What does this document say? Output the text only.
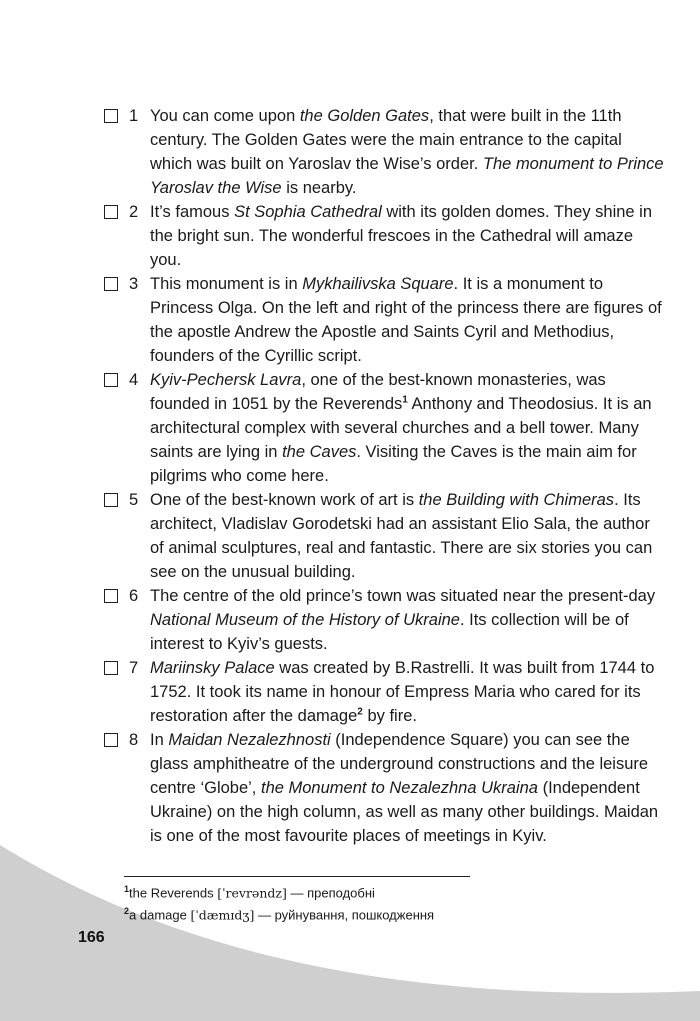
1 You can come upon the Golden Gates, that were built in the 11th century. The Golden Gates were the main entrance to the capital which was built on Yaroslav the Wise’s order. The monument to Prince Yaroslav the Wise is nearby.
2 It’s famous St Sophia Cathedral with its golden domes. They shine in the bright sun. The wonderful frescoes in the Cathedral will amaze you.
3 This monument is in Mykhailivska Square. It is a monument to Princess Olga. On the left and right of the princess there are figures of the apostle Andrew the Apostle and Saints Cyril and Methodius, founders of the Cyrillic script.
4 Kyiv-Pechersk Lavra, one of the best-known monasteries, was founded in 1051 by the Reverends$^1$ Anthony and Theodosius. It is an architectural complex with several churches and a bell tower. Many saints are lying in the Caves. Visiting the Caves is the main aim for pilgrims who come here.
5 One of the best-known work of art is the Building with Chimeras. Its architect, Vladislav Gorodetski had an assistant Elio Sala, the author of animal sculptures, real and fantastic. There are six stories you can see on the unusual building.
6 The centre of the old prince’s town was situated near the present-day National Museum of the History of Ukraine. Its collection will be of interest to Kyiv’s guests.
7 Mariinsky Palace was created by B.Rastrelli. It was built from 1744 to 1752. It took its name in honour of Empress Maria who cared for its restoration after the damage$^2$ by fire.
8 In Maidan Nezalezhnosti (Independence Square) you can see the glass amphitheatre of the underground constructions and the leisure centre ‘Globe’, the Monument to Nezalezhna Ukraina (Independent Ukraine) on the high column, as well as many other buildings. Maidan is one of the most favourite places of meetings in Kyiv.
$^1$the Reverends [ˈrevrəndz] — преподобні
$^2$a damage [ˈdæmɪdʒ] — руйнування, пошкодження
166
